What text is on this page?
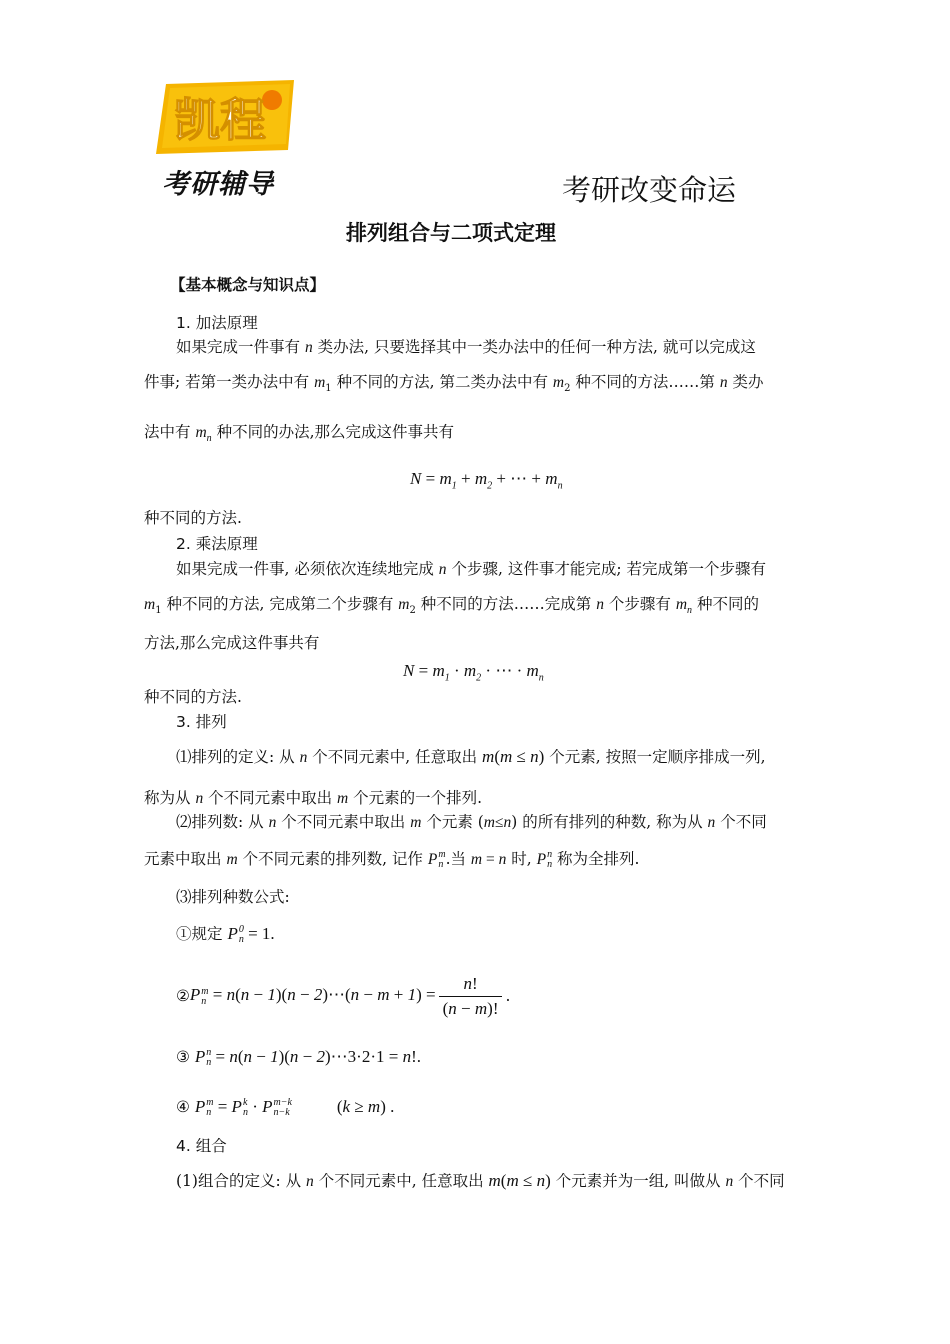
凯程
考研辅导	考研改变命运
排列组合与二项式定理
【基本概念与知识点】
1. 加法原理
如果完成一件事有 n 类办法, 只要选择其中一类办法中的任何一种方法, 就可以完成这
件事; 若第一类办法中有 $m_1$ 种不同的方法, 第二类办法中有 $m_2$ 种不同的方法……第 n 类办
法中有 $m_n$ 种不同的办法,那么完成这件事共有
$N = m_1 + m_2$ + ⋯ + $m_n$
种不同的方法.
2. 乘法原理
如果完成一件事, 必须依次连续地完成 n 个步骤, 这件事才能完成; 若完成第一个步骤有
$m_1$ 种不同的方法, 完成第二个步骤有 $m_2$ 种不同的方法……完成第 n 个步骤有 $m_n$ 种不同的
方法,那么完成这件事共有
$N = m_1 \cdot m_2$ · ⋯ · $m_n$
种不同的方法.
3. 排列
⑴排列的定义: 从 n 个不同元素中, 任意取出 m(m ≤ n) 个元素, 按照一定顺序排成一列,
称为从 n 个不同元素中取出 m 个元素的一个排列.
⑵排列数: 从 n 个不同元素中取出 m 个元素 (m≤n) 的所有排列的种数, 称为从 n 个不同
元素中取出 m 个不同元素的排列数, 记作 P m
n .当 m = n 时, P n
n 称为全排列.
⑶排列种数公式:
①规定 P 0
n = 1.
② P m
n = n(n − 1)(n − 2)⋯(n − $m + 1) = \frac{n!}{(n - m)!}$ .
③ P n
n = n(n − 1)(n − 2)⋯3·2·1 = n!.
④ P m
n = P k
n · P m−k
n−k	(k ≥ m) .
4. 组合
(1)组合的定义: 从 n 个不同元素中, 任意取出 m(m ≤ n) 个元素并为一组, 叫做从 n 个不同
